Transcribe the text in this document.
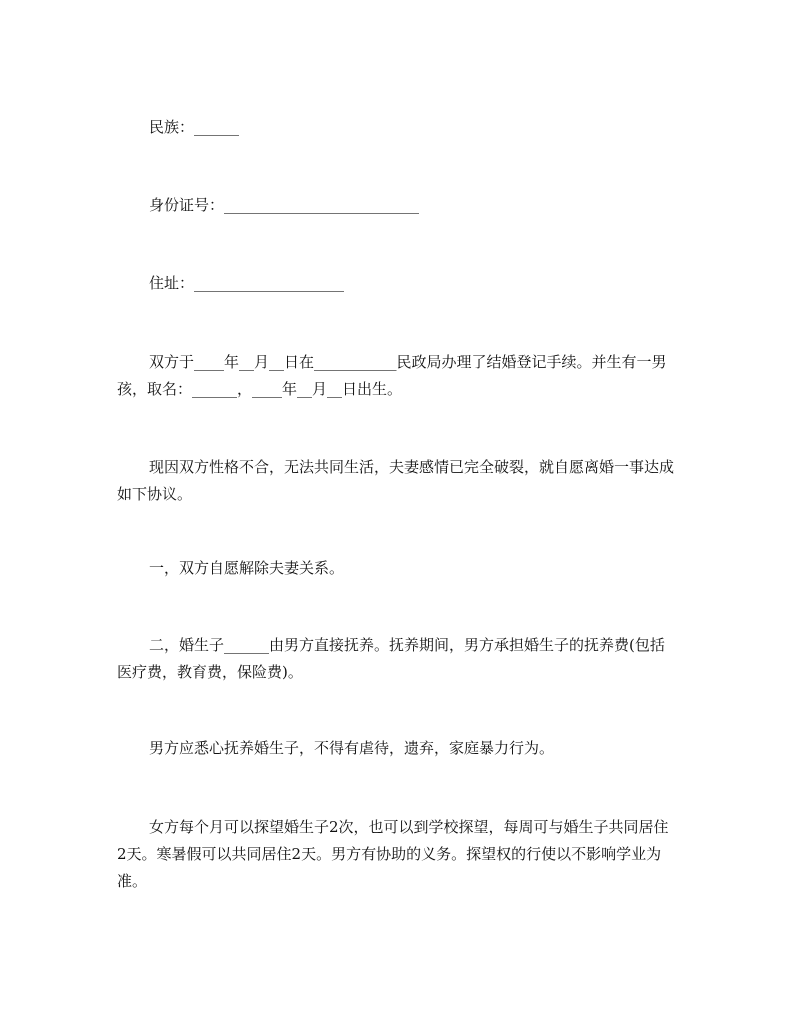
民族：______

身份证号：__________________________

住址：____________________

双方于____年__月__日在___________民政局办理了结婚登记手续。并生有一男孩，取名：______，____年__月__日出生。

现因双方性格不合，无法共同生活，夫妻感情已完全破裂，就自愿离婚一事达成如下协议。

一，双方自愿解除夫妻关系。

二，婚生子______由男方直接抚养。抚养期间，男方承担婚生子的抚养费(包括医疗费，教育费，保险费)。

男方应悉心抚养婚生子，不得有虐待，遗弃，家庭暴力行为。

女方每个月可以探望婚生子2次，也可以到学校探望，每周可与婚生子共同居住2天。寒暑假可以共同居住2天。男方有协助的义务。探望权的行使以不影响学业为准。
